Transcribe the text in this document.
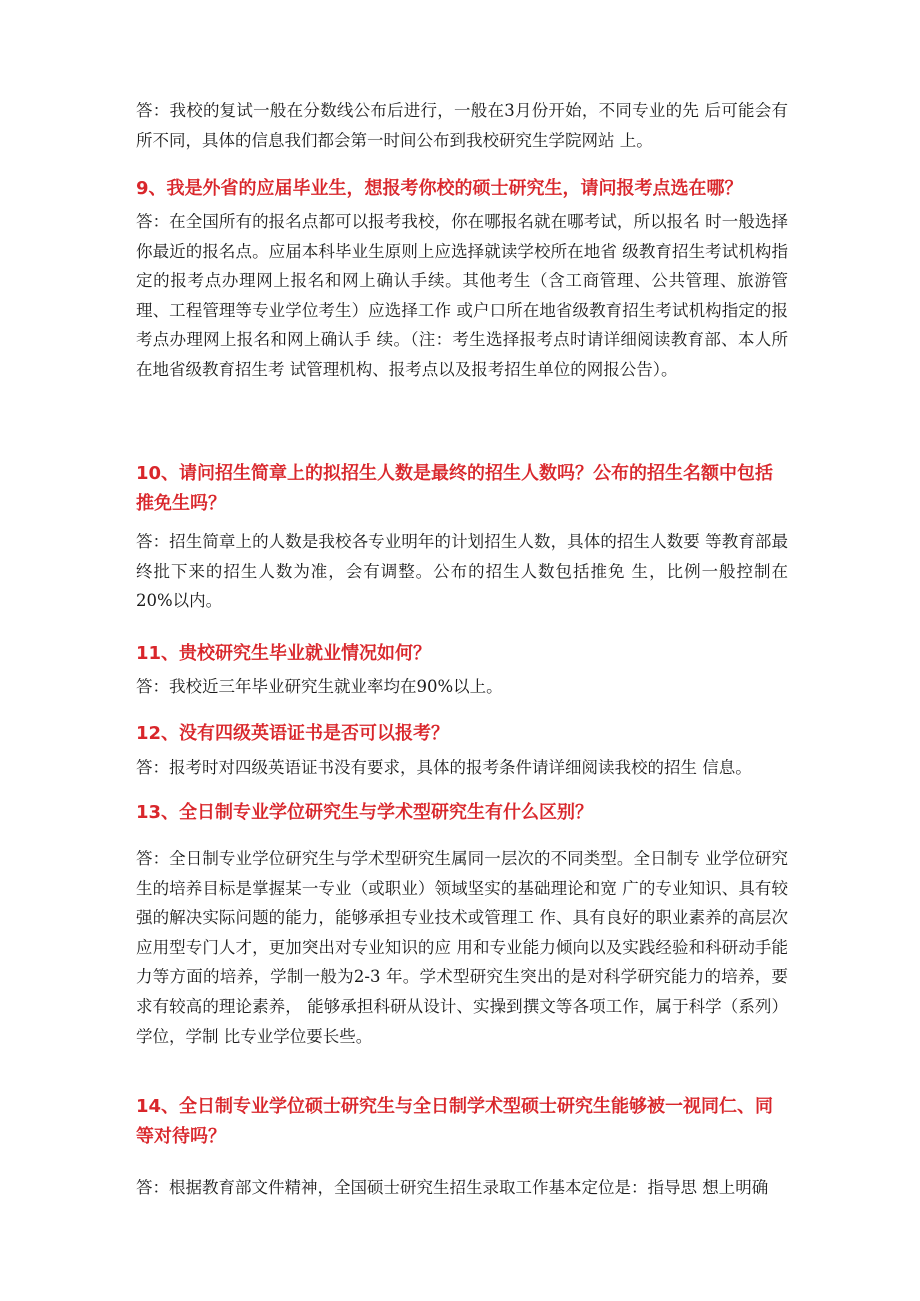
答：我校的复试一般在分数线公布后进行，一般在3月份开始，不同专业的先 后可能会有所不同，具体的信息我们都会第一时间公布到我校研究生学院网站 上。

9、我是外省的应届毕业生，想报考你校的硕士研究生，请问报考点选在哪？

答：在全国所有的报名点都可以报考我校，你在哪报名就在哪考试，所以报名 时一般选择你最近的报名点。应届本科毕业生原则上应选择就读学校所在地省 级教育招生考试机构指定的报考点办理网上报名和网上确认手续。其他考生（含工商管理、公共管理、旅游管理、工程管理等专业学位考生）应选择工作 或户口所在地省级教育招生考试机构指定的报考点办理网上报名和网上确认手 续。（注：考生选择报考点时请详细阅读教育部、本人所在地省级教育招生考 试管理机构、报考点以及报考招生单位的网报公告）。

10、请问招生简章上的拟招生人数是最终的招生人数吗？公布的招生名额中包括推免生吗？

答：招生简章上的人数是我校各专业明年的计划招生人数，具体的招生人数要 等教育部最终批下来的招生人数为准，会有调整。公布的招生人数包括推免 生，比例一般控制在20%以内。

11、贵校研究生毕业就业情况如何？

答：我校近三年毕业研究生就业率均在90%以上。

12、没有四级英语证书是否可以报考？

答：报考时对四级英语证书没有要求，具体的报考条件请详细阅读我校的招生 信息。

13、全日制专业学位研究生与学术型研究生有什么区别？

答：全日制专业学位研究生与学术型研究生属同一层次的不同类型。全日制专 业学位研究生的培养目标是掌握某一专业（或职业）领域坚实的基础理论和宽 广的专业知识、具有较强的解决实际问题的能力，能够承担专业技术或管理工 作、具有良好的职业素养的高层次应用型专门人才，更加突出对专业知识的应 用和专业能力倾向以及实践经验和科研动手能力等方面的培养，学制一般为2-3 年。学术型研究生突出的是对科学研究能力的培养，要求有较高的理论素养， 能够承担科研从设计、实操到撰文等各项工作，属于科学（系列）学位，学制 比专业学位要长些。

14、全日制专业学位硕士研究生与全日制学术型硕士研究生能够被一视同仁、同等对待吗？

答：根据教育部文件精神，全国硕士研究生招生录取工作基本定位是：指导思 想上明确
